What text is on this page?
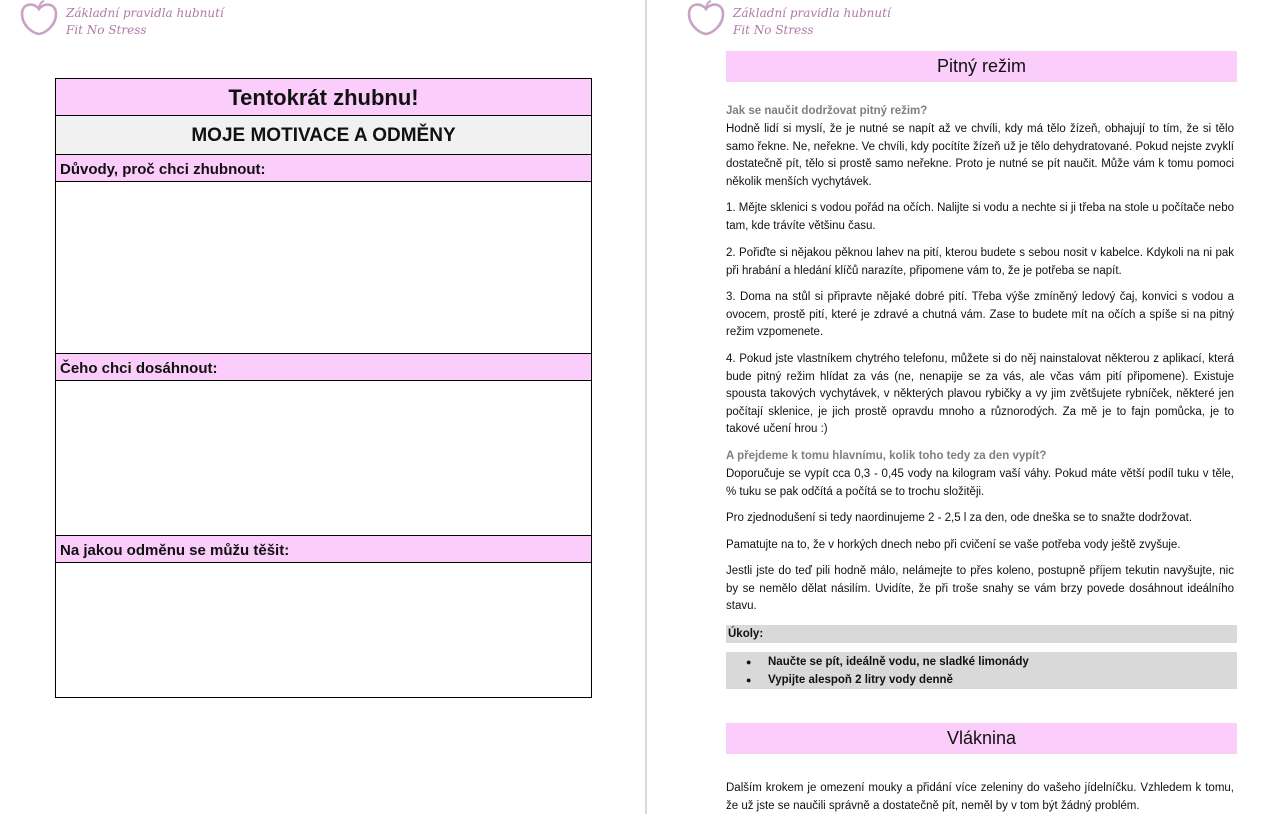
Základní pravidla hubnutí
Fit No Stress
Tentokrát zhubnu!
MOJE MOTIVACE A ODMĚNY
Důvody, proč chci zhubnout:
Čeho chci dosáhnout:
Na jakou odměnu se můžu těšit:
Základní pravidla hubnutí
Fit No Stress
Pitný režim
Jak se naučit dodržovat pitný režim?

Hodně lidí si myslí, že je nutné se napít až ve chvíli, kdy má tělo žízeň, obhajují to tím, že si tělo samo řekne. Ne, neřekne. Ve chvíli, kdy pocítíte žízeň už je tělo dehydratované. Pokud nejste zvyklí dostatečně pít, tělo si prostě samo neřekne. Proto je nutné se pít naučit. Může vám k tomu pomoci několik menších vychytávek.

1. Mějte sklenici s vodou pořád na očích. Nalijte si vodu a nechte si ji třeba na stole u počítače nebo tam, kde trávíte většinu času.

2. Pořiďte si nějakou pěknou lahev na pití, kterou budete s sebou nosit v kabelce. Kdykoli na ni pak při hrabání a hledání klíčů narazíte, připomene vám to, že je potřeba se napít.

3. Doma na stůl si připravte nějaké dobré pití. Třeba výše zmíněný ledový čaj, konvici s vodou a ovocem, prostě pití, které je zdravé a chutná vám. Zase to budete mít na očích a spíše si na pitný režim vzpomenete.

4. Pokud jste vlastníkem chytrého telefonu, můžete si do něj nainstalovat některou z aplikací, která bude pitný režim hlídat za vás (ne, nenapije se za vás, ale včas vám pití připomene). Existuje spousta takových vychytávek, v některých plavou rybičky a vy jim zvětšujete rybníček, některé jen počítají sklenice, je jich prostě opravdu mnoho a různorodých. Za mě je to fajn pomůcka, je to takové učení hrou :)

A přejdeme k tomu hlavnímu, kolik toho tedy za den vypít?

Doporučuje se vypít cca 0,3 - 0,45 vody na kilogram vaší váhy. Pokud máte větší podíl tuku v těle, % tuku se pak odčítá a počítá se to trochu složitěji.

Pro zjednodušení si tedy naordinujeme 2 - 2,5 l za den, ode dneška se to snažte dodržovat.

Pamatujte na to, že v horkých dnech nebo při cvičení se vaše potřeba vody ještě zvyšuje.

Jestli jste do teď pili hodně málo, nelámejte to přes koleno, postupně příjem tekutin navyšujte, nic by se nemělo dělat násilím. Uvidíte, že při troše snahy se vám brzy povede dosáhnout ideálního stavu.

Úkoly:
● Naučte se pít, ideálně vodu, ne sladké limonády
● Vypijte alespoň 2 litry vody denně
Vláknina

Dalším krokem je omezení mouky a přidání více zeleniny do vašeho jídelníčku. Vzhledem k tomu, že už jste se naučili správně a dostatečně pít, neměl by v tom být žádný problém.
